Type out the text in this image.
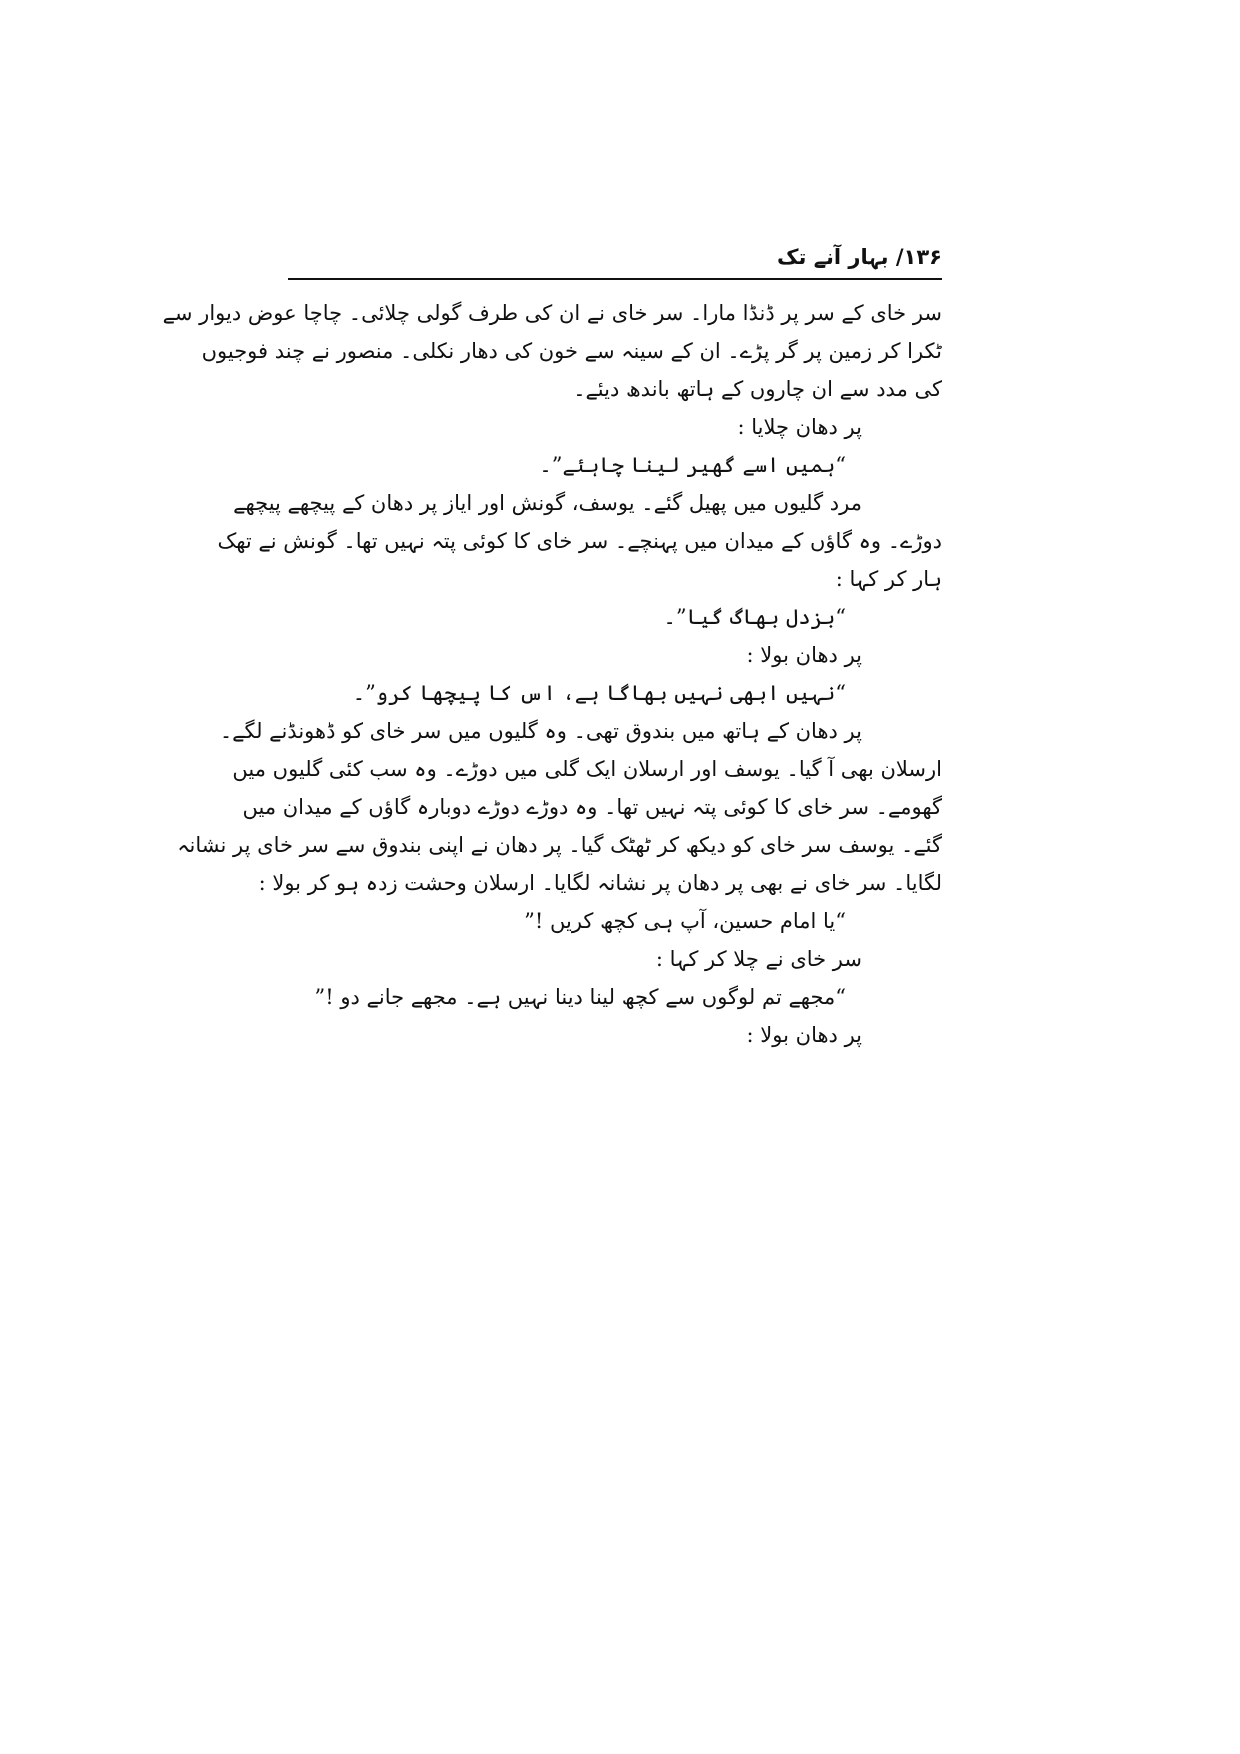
۱۳۶/ بہار آنے تک
سر خای کے سر پر ڈنڈا مارا۔ سر خای نے ان کی طرف گولی چلائی۔ چاچا عوض دیوار سے
ٹکرا کر زمین پر گر پڑے۔ ان کے سینہ سے خون کی دھار نکلی۔ منصور نے چند فوجیوں
کی مدد سے ان چاروں کے ہاتھ باندھ دیئے۔
پر دھان چلایا :
“ہمیں اسے گھیر لینا چاہئے”۔
مرد گلیوں میں پھیل گئے۔ یوسف، گونش اور ایاز پر دھان کے پیچھے پیچھے
دوڑے۔ وہ گاؤں کے میدان میں پہنچے۔ سر خای کا کوئی پتہ نہیں تھا۔ گونش نے تھک
ہار کر کہا :
“بزدل بھاگ گیا”۔
پر دھان بولا :
“نہیں ابھی نہیں بھاگا ہے، اس کا پیچھا کرو”۔
پر دھان کے ہاتھ میں بندوق تھی۔ وہ گلیوں میں سر خای کو ڈھونڈنے لگے۔
ارسلان بھی آ گیا۔ یوسف اور ارسلان ایک گلی میں دوڑے۔ وہ سب کئی گلیوں میں
گھومے۔ سر خای کا کوئی پتہ نہیں تھا۔ وہ دوڑے دوڑے دوبارہ گاؤں کے میدان میں
گئے۔ یوسف سر خای کو دیکھ کر ٹھٹک گیا۔ پر دھان نے اپنی بندوق سے سر خای پر نشانہ
لگایا۔ سر خای نے بھی پر دھان پر نشانہ لگایا۔ ارسلان وحشت زدہ ہو کر بولا :
“یا امام حسین، آپ ہی کچھ کریں !”
سر خای نے چلا کر کہا :
“مجھے تم لوگوں سے کچھ لینا دینا نہیں ہے۔ مجھے جانے دو !”
پر دھان بولا :
